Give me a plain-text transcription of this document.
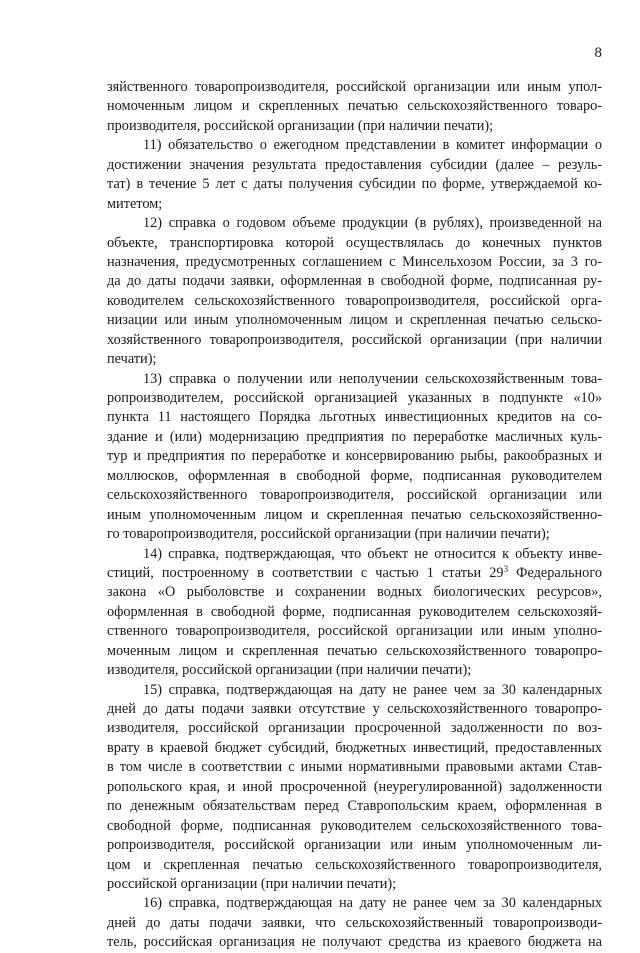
8
зяйственного товаропроизводителя, российской организации или иным упол-
номоченным лицом и скрепленных печатью сельскохозяйственного товаро-
производителя, российской организации (при наличии печати);
11) обязательство о ежегодном представлении в комитет информации о
достижении значения результата предоставления субсидии (далее – резуль-
тат) в течение 5 лет с даты получения субсидии по форме, утверждаемой ко-
митетом;
12) справка о годовом объеме продукции (в рублях), произведенной на
объекте, транспортировка которой осуществлялась до конечных пунктов
назначения, предусмотренных соглашением с Минсельхозом России, за 3 го-
да до даты подачи заявки, оформленная в свободной форме, подписанная ру-
ководителем сельскохозяйственного товаропроизводителя, российской орга-
низации или иным уполномоченным лицом и скрепленная печатью сельско-
хозяйственного товаропроизводителя, российской организации (при наличии
печати);
13) справка о получении или неполучении сельскохозяйственным това-
ропроизводителем, российской организацией указанных в подпункте «10»
пункта 11 настоящего Порядка льготных инвестиционных кредитов на со-
здание и (или) модернизацию предприятия по переработке масличных куль-
тур и предприятия по переработке и консервированию рыбы, ракообразных и
моллюсков, оформленная в свободной форме, подписанная руководителем
сельскохозяйственного товаропроизводителя, российской организации или
иным уполномоченным лицом и скрепленная печатью сельскохозяйственно-
го товаропроизводителя, российской организации (при наличии печати);
14) справка, подтверждающая, что объект не относится к объекту инве-
стиций, построенному в соответствии с частью 1 статьи $29^3$ Федерального
закона «О рыболовстве и сохранении водных биологических ресурсов»,
оформленная в свободной форме, подписанная руководителем сельскохозяй-
ственного товаропроизводителя, российской организации или иным уполно-
моченным лицом и скрепленная печатью сельскохозяйственного товаропро-
изводителя, российской организации (при наличии печати);
15) справка, подтверждающая на дату не ранее чем за 30 календарных
дней до даты подачи заявки отсутствие у сельскохозяйственного товаропро-
изводителя, российской организации просроченной задолженности по воз-
врату в краевой бюджет субсидий, бюджетных инвестиций, предоставленных
в том числе в соответствии с иными нормативными правовыми актами Став-
ропольского края, и иной просроченной (неурегулированной) задолженности
по денежным обязательствам перед Ставропольским краем, оформленная в
свободной форме, подписанная руководителем сельскохозяйственного това-
ропроизводителя, российской организации или иным уполномоченным ли-
цом и скрепленная печатью сельскохозяйственного товаропроизводителя,
российской организации (при наличии печати);
16) справка, подтверждающая на дату не ранее чем за 30 календарных
дней до даты подачи заявки, что сельскохозяйственный товаропроизводи-
тель, российская организация не получают средства из краевого бюджета на
